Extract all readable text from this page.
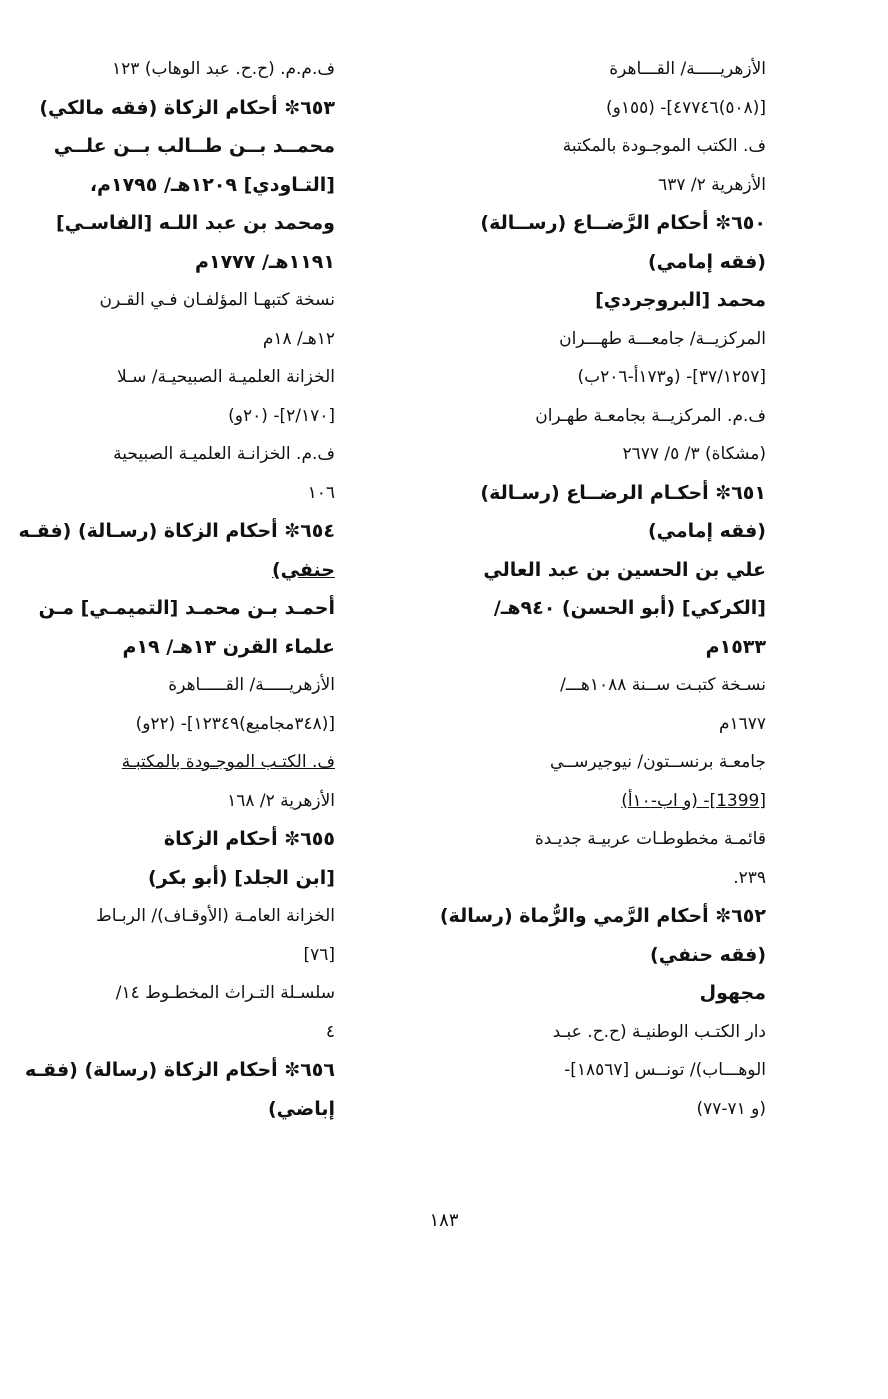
الأزهريـــــة/ القـــاهرة
[(٥٠٨)٤٧٧٤٦]- (١٥٥و)
ف. الكتب الموجـودة بالمكتبة
الأزهرية ٢/ ٦٣٧
٦٥٠✼ أحكام الرَّضــاع (رســالة)
(فقه إمامي)
محمد [البروجردي]
المركزيــة/ جامعـــة طهـــران
[٣٧/١٢٥٧]- (و١٧٣أ-٢٠٦ب)
ف.م. المركزيــة بجامعـة طهـران
(مشكاة) ٣/ ٥/ ٢٦٧٧
٦٥١✼ أحكـام الرضــاع (رسـالة)
(فقه إمامي)
علي بن الحسين بن عبد العالي
[الكركي] (أبو الحسن) ٩٤٠هـ/
١٥٣٣م
نسـخة كتبـت ســنة ١٠٨٨هـــ/
١٦٧٧م
جامعـة برنســتون/ نيوجيرســي
[1399]- (و اب-١٠أ)
قائمـة مخطوطـات عربيـة جديـدة
٢٣٩.
٦٥٢✼ أحكام الرَّمي والرُّماة (رسالة)
(فقه حنفي)
مجهول
دار الكتـب الوطنيـة (ح.ح. عبـد
الوهـــاب)/ تونــس [١٨٥٦٧]-
(و ٧١-٧٧)
ف.م.م. (ح.ح. عبد الوهاب) ١٢٣
٦٥٣✼ أحكام الزكاة (فقه مالكي)
محمــد بــن طــالب بــن علــي
[التـاودي] ١٢٠٩هـ/ ١٧٩٥م،
ومحمد بن عبد اللـه [الفاسـي]
١١٩١هـ/ ١٧٧٧م
نسخة كتبهـا المؤلفـان فـي القـرن
١٢هـ/ ١٨م
الخزانة العلميـة الصبيحيـة/ سـلا
[٢/١٧٠]- (٢٠و)
ف.م. الخزانـة العلميـة الصبيحية
١٠٦
٦٥٤✼ أحكام الزكاة (رسـالة) (فقـه
حنفي)
أحمـد بـن محمـد [التميمـي] مـن
علماء القرن ١٣هـ/ ١٩م
الأزهريـــــة/ القـــــاهرة
[(٣٤٨مجاميع)١٢٣٤٩]- (٢٢و)
ف. الكتـب الموجـودة بالمكتبـة
الأزهرية ٢/ ١٦٨
٦٥٥✼ أحكام الزكاة
[ابن الجلد] (أبو بكر)
الخزانة العامـة (الأوقـاف)/ الربـاط
[٧٦]
سلسـلة التـراث المخطـوط ١٤/
٤
٦٥٦✼ أحكام الزكاة (رسالة) (فقـه
إباضي)
١٨٣
